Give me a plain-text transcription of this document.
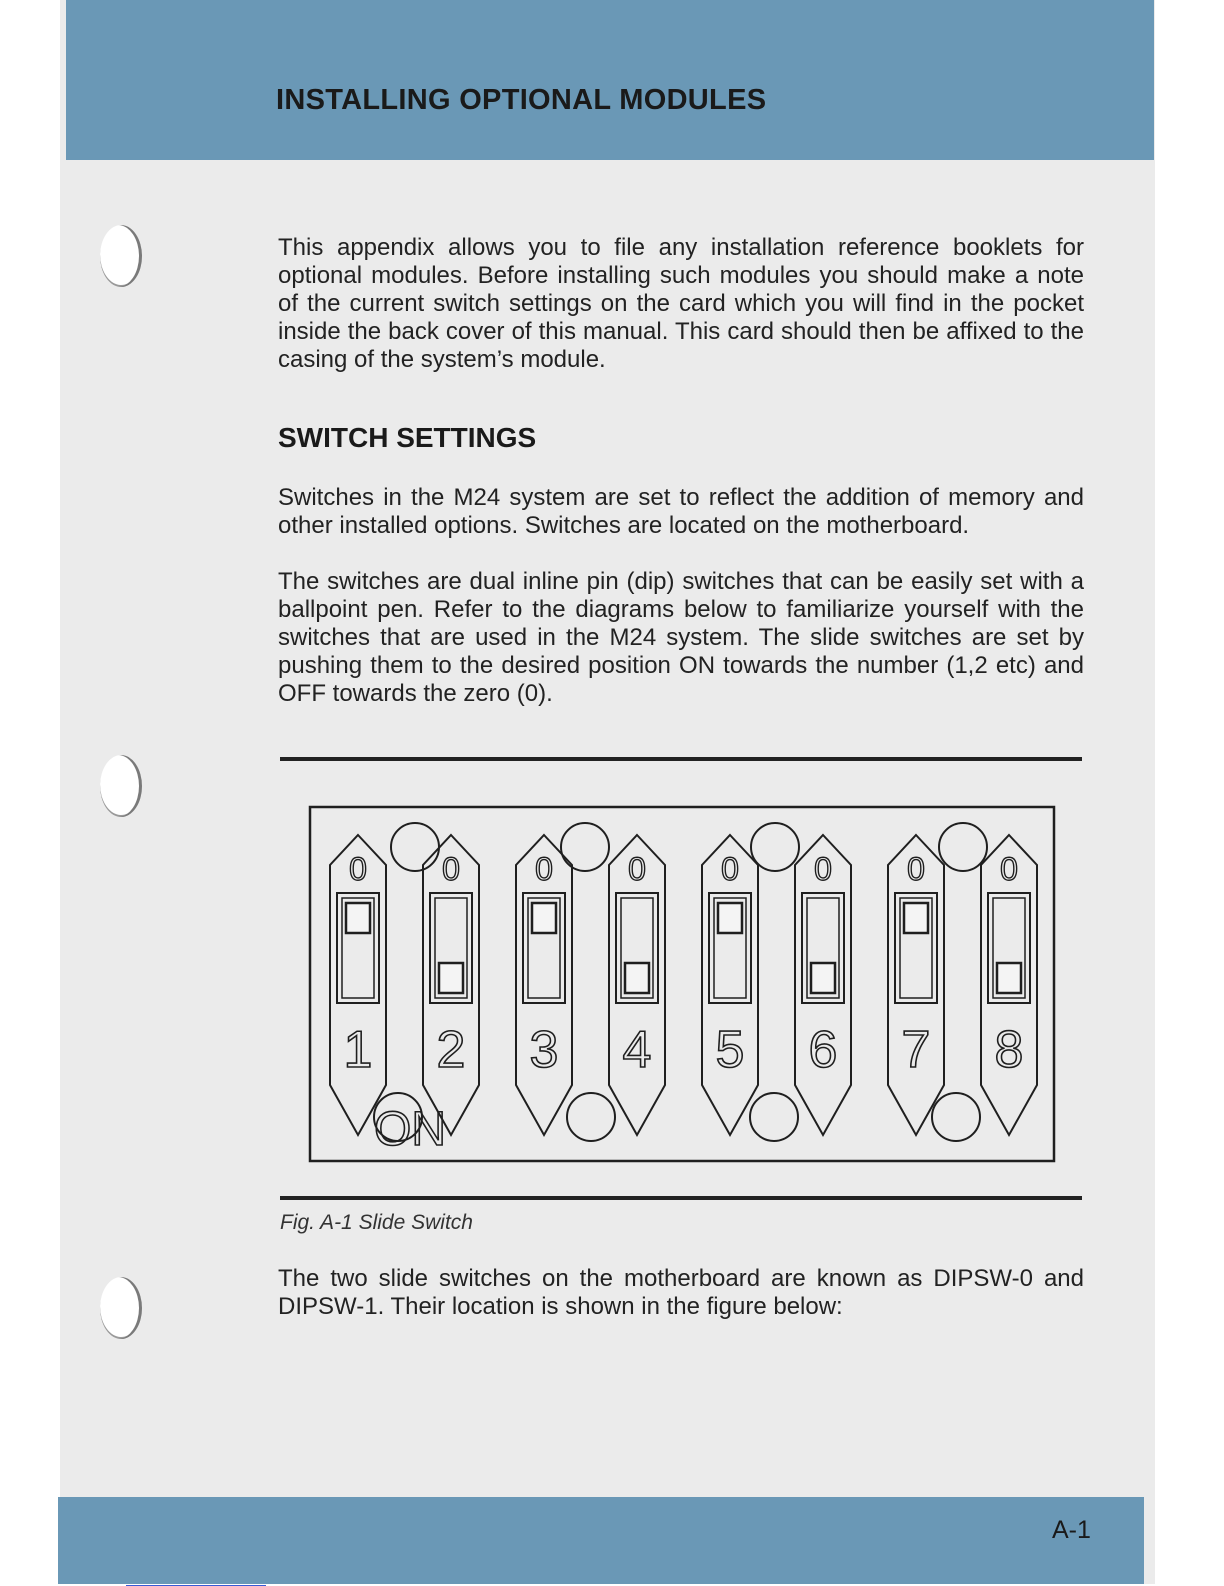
INSTALLING OPTIONAL MODULES

This appendix allows you to file any installation reference booklets for optional modules. Before installing such modules you should make a note of the current switch settings on the card which you will find in the pocket inside the back cover of this manual. This card should then be affixed to the casing of the system’s module.

SWITCH SETTINGS

Switches in the M24 system are set to reflect the addition of memory and other installed options. Switches are located on the motherboard.

The switches are dual inline pin (dip) switches that can be easily set with a ballpoint pen. Refer to the diagrams below to familiarize yourself with the switches that are used in the M24 system. The slide switches are set by pushing them to the desired position ON towards the number (1,2 etc) and OFF towards the zero (0).

0
1
0
2
0
3
0
4
0
5
0
6
0
7
0
8
ON

Fig. A-1 Slide Switch

The two slide switches on the motherboard are known as DIPSW-0 and DIPSW-1. Their location is shown in the figure below:

A-1
